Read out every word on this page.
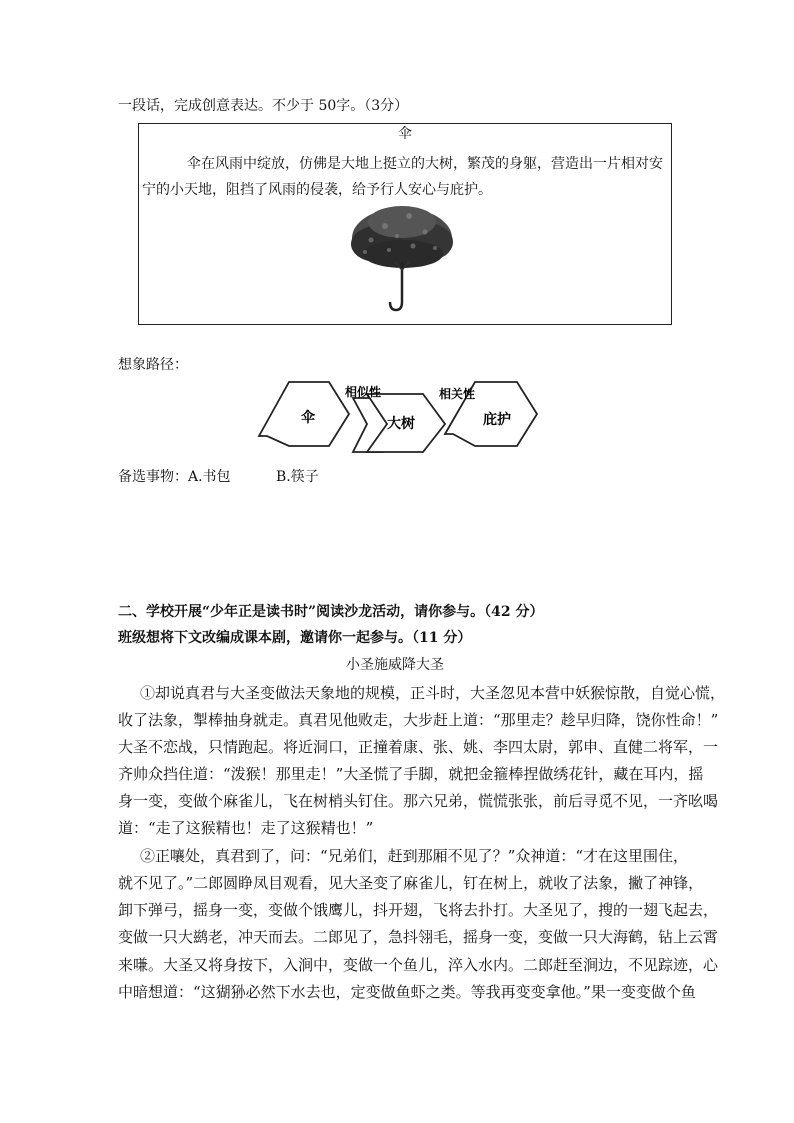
一段话，完成创意表达。不少于 50字。（3分）
伞
伞在风雨中绽放，仿佛是大地上挺立的大树，繁茂的身躯，营造出一片相对安
宁的小天地，阻挡了风雨的侵袭，给予行人安心与庇护。
想象路径：
伞	大树	庇护
相似性	相关性
备选事物：A.书包	B.筷子
二、学校开展“少年正是读书时”阅读沙龙活动，请你参与。（42 分）
班级想将下文改编成课本剧，邀请你一起参与。（11 分）
小圣施威降大圣
①却说真君与大圣变做法天象地的规模，正斗时，大圣忽见本营中妖猴惊散，自觉心慌，
收了法象，掣棒抽身就走。真君见他败走，大步赶上道：“那里走？趁早归降，饶你性命！”
大圣不恋战，只情跑起。将近洞口，正撞着康、张、姚、李四太尉，郭申、直健二将军，一
齐帅众挡住道：“泼猴！那里走！”大圣慌了手脚，就把金箍棒捏做绣花针，藏在耳内，摇
身一变，变做个麻雀儿，飞在树梢头钉住。那六兄弟，慌慌张张，前后寻觅不见，一齐吆喝
道：“走了这猴精也！走了这猴精也！”
②正嚷处，真君到了，问：“兄弟们，赶到那厢不见了？”众神道：“才在这里围住，
就不见了。”二郎圆睁凤目观看，见大圣变了麻雀儿，钉在树上，就收了法象，撇了神锋，
卸下弹弓，摇身一变，变做个饿鹰儿，抖开翅，飞将去扑打。大圣见了，搜的一翅飞起去，
变做一只大鹚老，冲天而去。二郎见了，急抖翎毛，摇身一变，变做一只大海鹤，钻上云霄
来嗛。大圣又将身按下，入涧中，变做一个鱼儿，淬入水内。二郎赶至涧边，不见踪迹，心
中暗想道：“这猢狲必然下水去也，定变做鱼虾之类。等我再变变拿他。”果一变变做个鱼
